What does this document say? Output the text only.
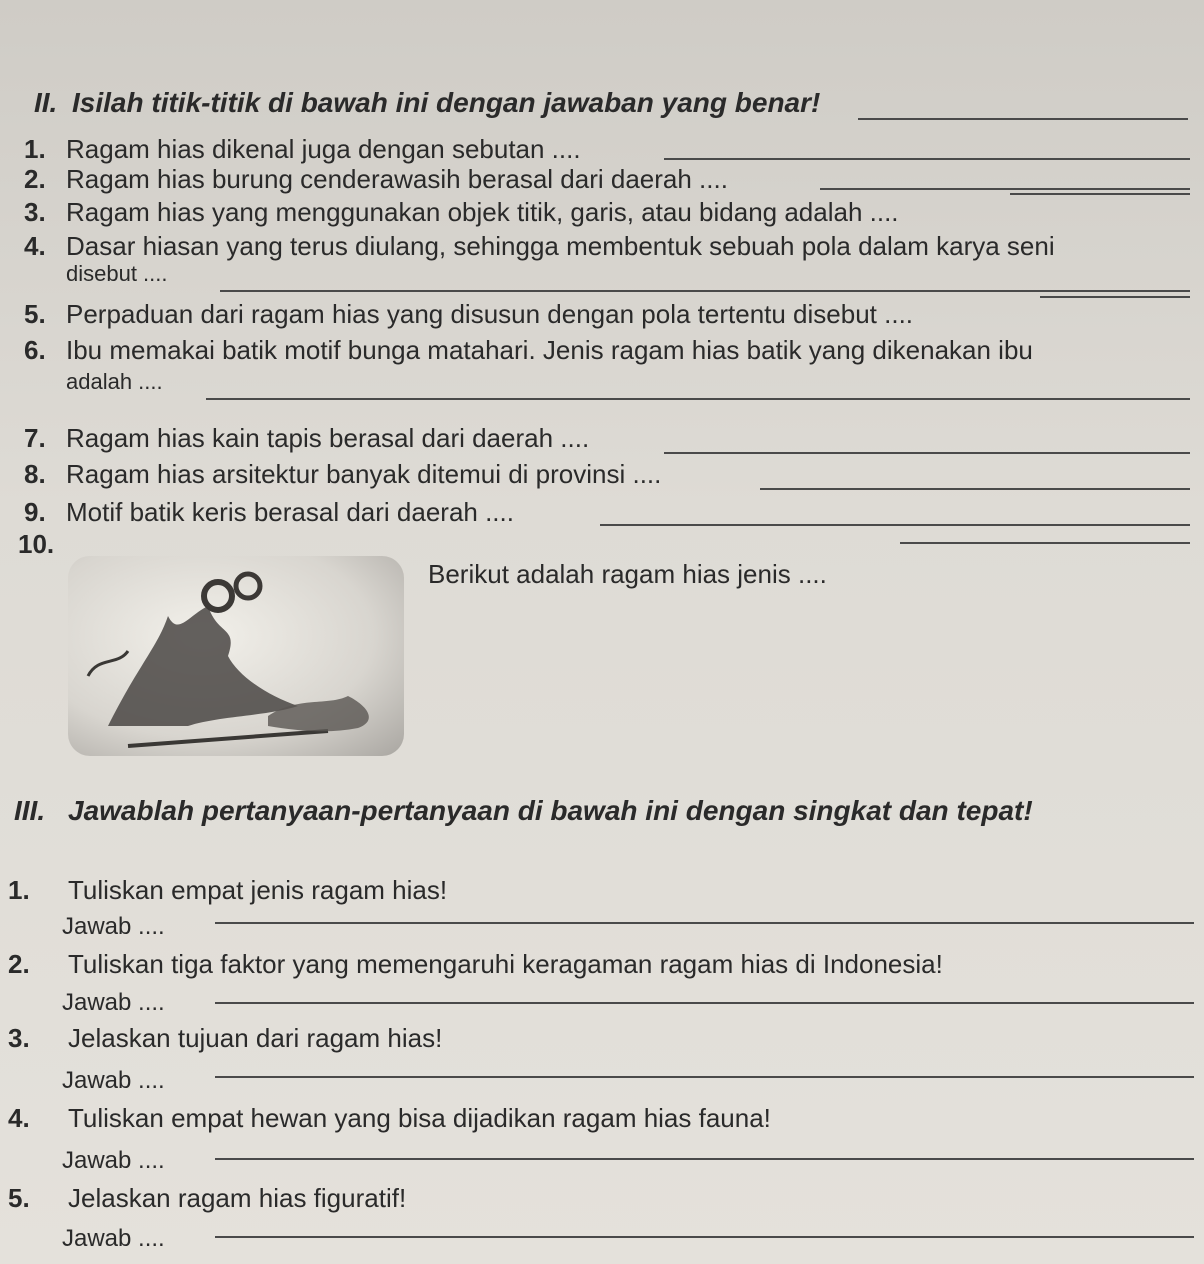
II. Isilah titik-titik di bawah ini dengan jawaban yang benar!
1. Ragam hias dikenal juga dengan sebutan ....
2. Ragam hias burung cenderawasih berasal dari daerah ....
3. Ragam hias yang menggunakan objek titik, garis, atau bidang adalah ....
4. Dasar hiasan yang terus diulang, sehingga membentuk sebuah pola dalam karya seni
disebut ....
5. Perpaduan dari ragam hias yang disusun dengan pola tertentu disebut ....
6. Ibu memakai batik motif bunga matahari. Jenis ragam hias batik yang dikenakan ibu
adalah ....
7. Ragam hias kain tapis berasal dari daerah ....
8. Ragam hias arsitektur banyak ditemui di provinsi ....
9. Motif batik keris berasal dari daerah ....
10.
Berikut adalah ragam hias jenis ....
III. Jawablah pertanyaan-pertanyaan di bawah ini dengan singkat dan tepat!
1. Tuliskan empat jenis ragam hias!
Jawab ....
2. Tuliskan tiga faktor yang memengaruhi keragaman ragam hias di Indonesia!
Jawab ....
3. Jelaskan tujuan dari ragam hias!
Jawab ....
4. Tuliskan empat hewan yang bisa dijadikan ragam hias fauna!
Jawab ....
5. Jelaskan ragam hias figuratif!
Jawab ....
